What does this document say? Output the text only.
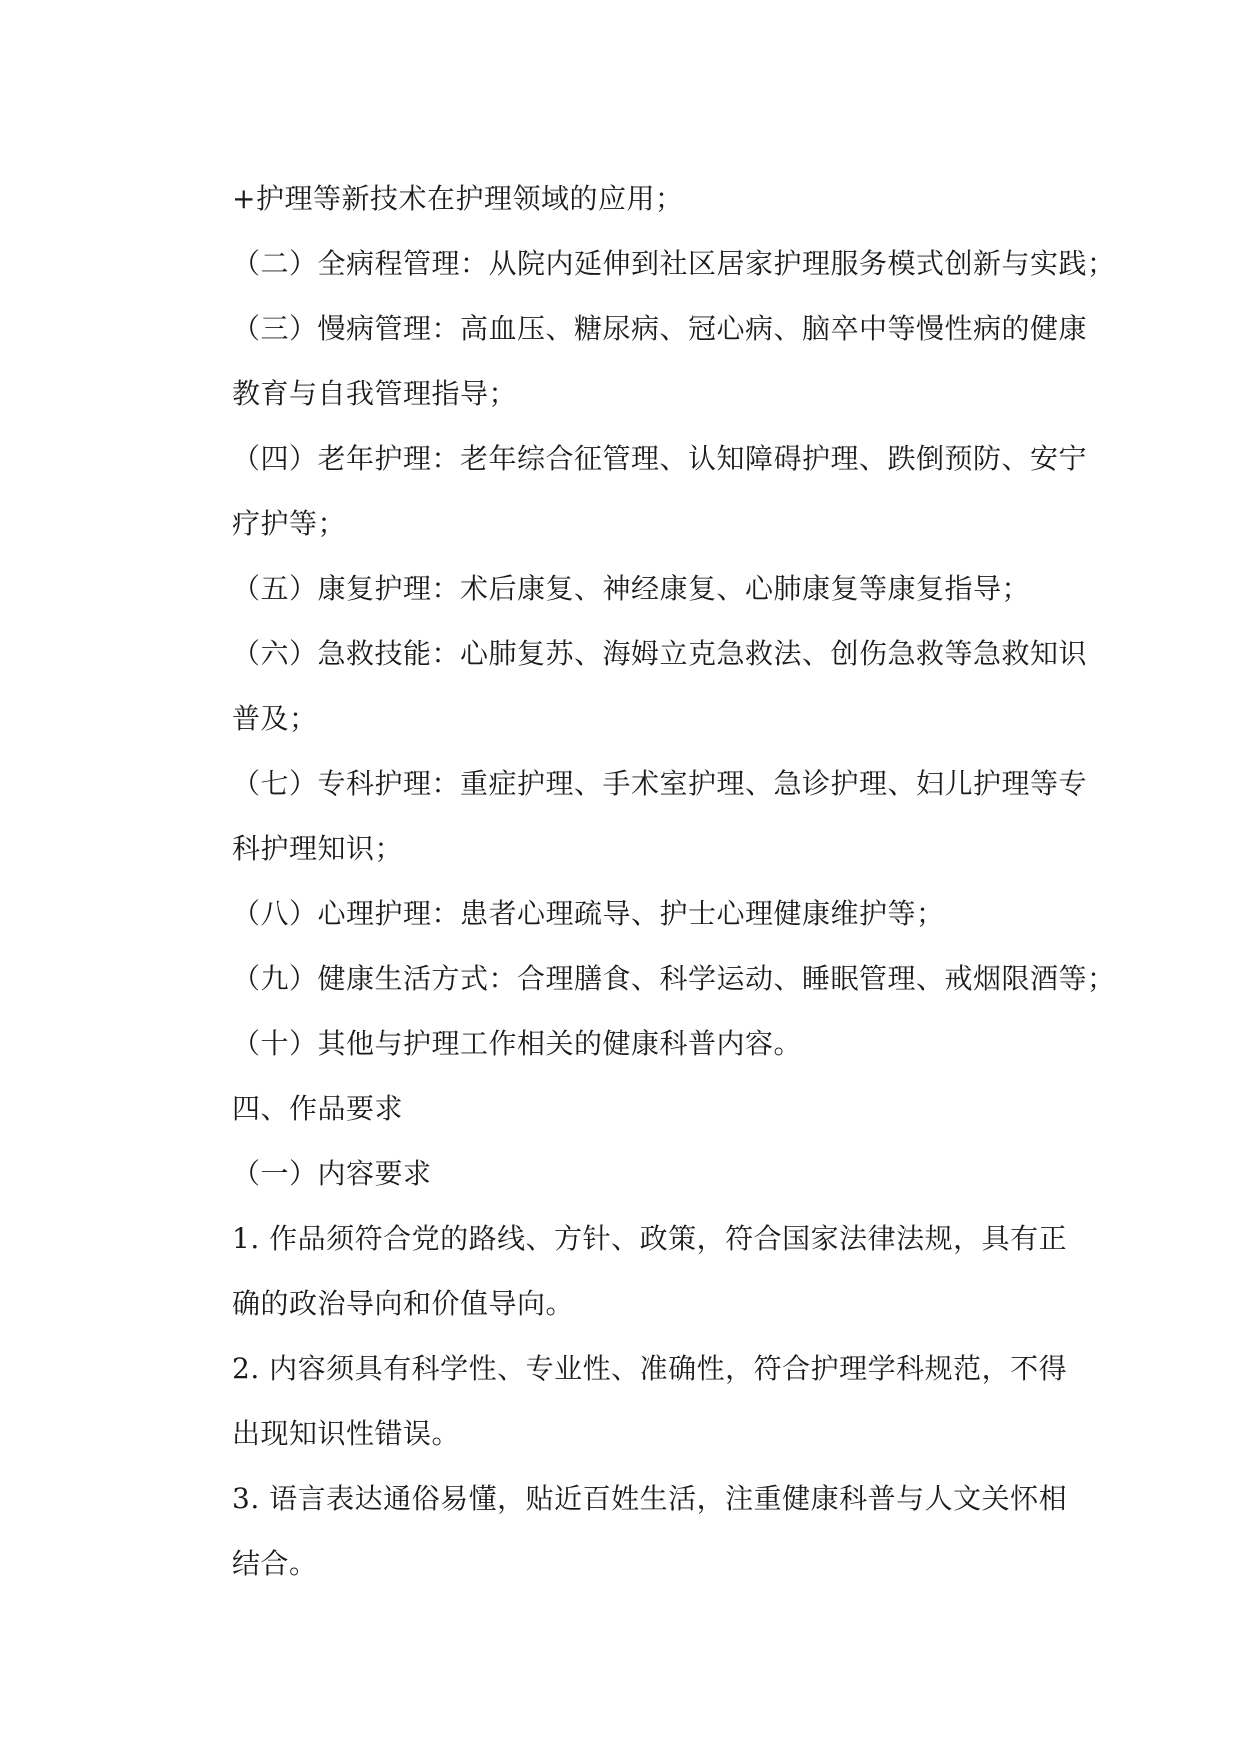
+护理等新技术在护理领域的应用；
（二）全病程管理：从院内延伸到社区居家护理服务模式创新与实践；
（三）慢病管理：高血压、糖尿病、冠心病、脑卒中等慢性病的健康
教育与自我管理指导；
（四）老年护理：老年综合征管理、认知障碍护理、跌倒预防、安宁
疗护等；
（五）康复护理：术后康复、神经康复、心肺康复等康复指导；
（六）急救技能：心肺复苏、海姆立克急救法、创伤急救等急救知识
普及；
（七）专科护理：重症护理、手术室护理、急诊护理、妇儿护理等专
科护理知识；
（八）心理护理：患者心理疏导、护士心理健康维护等；
（九）健康生活方式：合理膳食、科学运动、睡眠管理、戒烟限酒等；
（十）其他与护理工作相关的健康科普内容。
四、作品要求
（一）内容要求
1. 作品须符合党的路线、方针、政策，符合国家法律法规，具有正
确的政治导向和价值导向。
2. 内容须具有科学性、专业性、准确性，符合护理学科规范，不得
出现知识性错误。
3. 语言表达通俗易懂，贴近百姓生活，注重健康科普与人文关怀相
结合。
